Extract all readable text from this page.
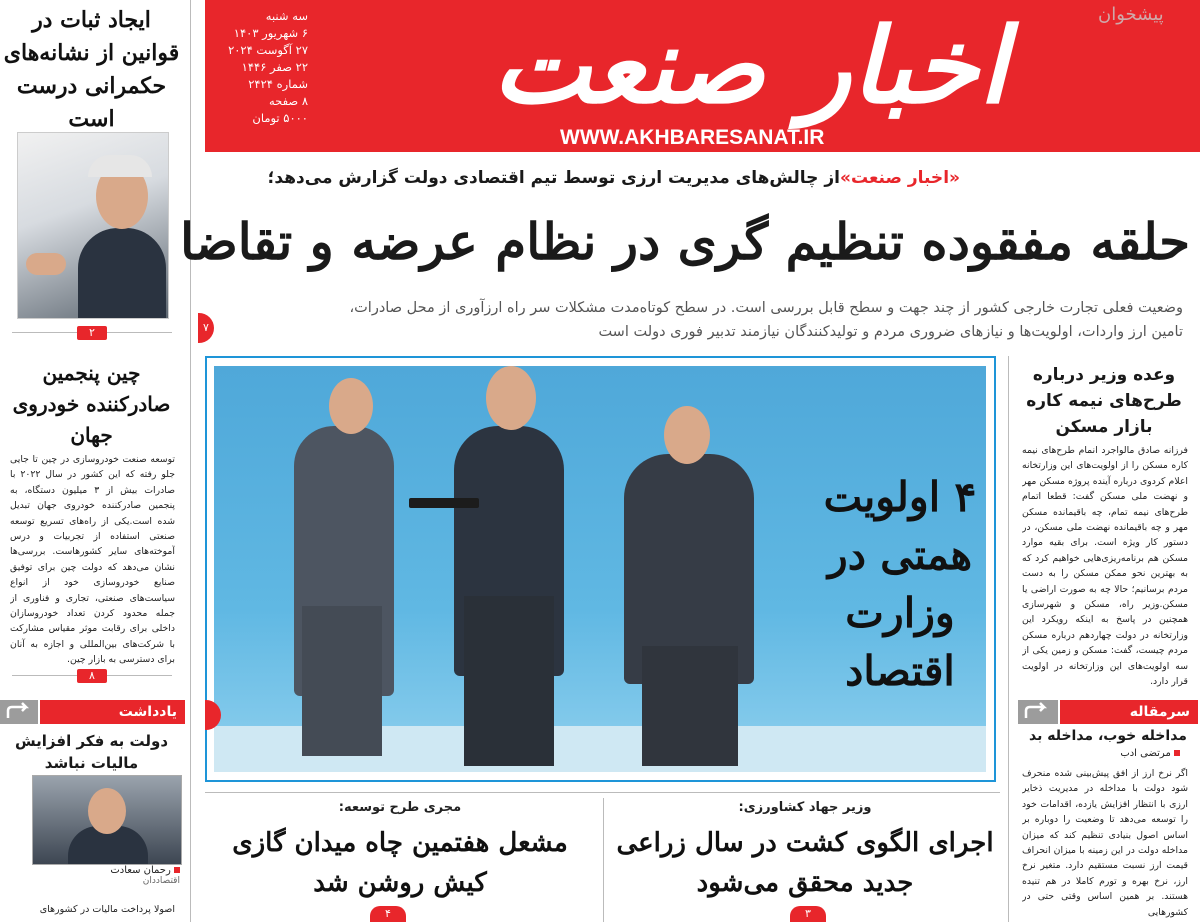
اخبار صنعت
WWW.AKHBARESANAT.IR
سه شنبه
۶ شهریور ۱۴۰۳
۲۷ آگوست ۲۰۲۴
۲۲ صفر ۱۴۴۶
شماره ۲۴۲۴
۸ صفحه
۵۰۰۰ تومان
پیشخوان
ایجاد ثبات در قوانین از نشانه‌های حکمرانی درست است
۲
چین پنجمین صادرکننده خودروی جهان
توسعه صنعت خودروسازی در چین تا جایی جلو رفته که این کشور در سال ۲۰۲۲ با صادرات بیش از ۳ میلیون دستگاه، به پنجمین صادرکننده خودروی جهان تبدیل شده است.یکی از راه‌های تسریع توسعه صنعتی استفاده از تجربیات و درس آموخته‌های سایر کشورهاست. بررسی‌ها نشان می‌دهد که دولت چین برای توفیق صنایع خودروسازی خود از انواع سیاست‌های صنعتی، تجاری و فناوری از جمله محدود کردن تعداد خودروسازان داخلی برای رقابت موثر مقیاس مشارکت با شرکت‌های بین‌المللی و اجازه به آنان برای دسترسی به بازار چین.
۸
یادداشت
دولت به فکر افزایش مالیات نباشد
رحمان سعادت
اقتصاددان
اصولا پرداخت مالیات در کشورهای
«اخبار صنعت»از چالش‌های مدیریت ارزی توسط تیم اقتصادی دولت گزارش می‌دهد؛
حلقه مفقوده تنظیم گری در نظام عرضه و تقاضا
وضعیت فعلی تجارت خارجی کشور از چند جهت و سطح قابل بررسی است. در سطح کوتاه‌مدت مشکلات سر راه ارزآوری از محل صادرات،
تامین ارز واردات، اولویت‌ها و نیازهای ضروری مردم و تولیدکنندگان نیازمند تدبیر فوری دولت است
۷
۴ اولویت همتی در وزارت اقتصاد
وعده وزیر درباره طرح‌های نیمه کاره بازار مسکن
فرزانه صادق مالواجرد انمام طرح‌های نیمه کاره مسکن را از اولویت‌های این وزارتخانه اعلام کردوی درباره آینده پروژه مسکن مهر و نهضت ملی مسکن گفت: قطعا اتمام طرح‌های نیمه تمام، چه باقیمانده مسکن مهر و چه باقیمانده نهضت ملی مسکن، در دستور کار ویژه است. برای بقیه موارد مسکن هم برنامه‌ریزی‌هایی خواهیم کرد که به بهترین نحو ممکن مسکن را به دست مردم برسانیم؛ حالا چه به صورت اراضی یا مسکن.وزیر راه، مسکن و شهرسازی همچنین در پاسخ به اینکه رویکرد این وزارتخانه در دولت چهاردهم درباره مسکن مردم چیست، گفت: مسکن و زمین یکی از سه اولویت‌های این وزارتخانه در اولویت قرار دارد.
سرمقاله
مداخله خوب، مداخله بد
مرتضی ادب
اگر نرخ ارز از افق پیش‌بینی شده منحرف شود دولت با مداخله در مدیریت ذخایر ارزی با انتظار افزایش یازده، اقدامات خود را توسعه می‌دهد تا وضعیت را دوباره بر اساس اصول بنیادی تنظیم کند که میزان مداخله دولت در این زمینه با میزان انحراف قیمت ارز نسبت مستقیم دارد. متغیر نرخ ارز، نرخ بهره و تورم کاملا در هم تنیده هستند. بر همین اساس وقتی حتی در کشورهایی
وزیر جهاد کشاورزی:
اجرای الگوی کشت در سال زراعی جدید محقق می‌شود
۳
مجری طرح توسعه:
مشعل هفتمین چاه میدان گازی کیش روشن شد
۴
